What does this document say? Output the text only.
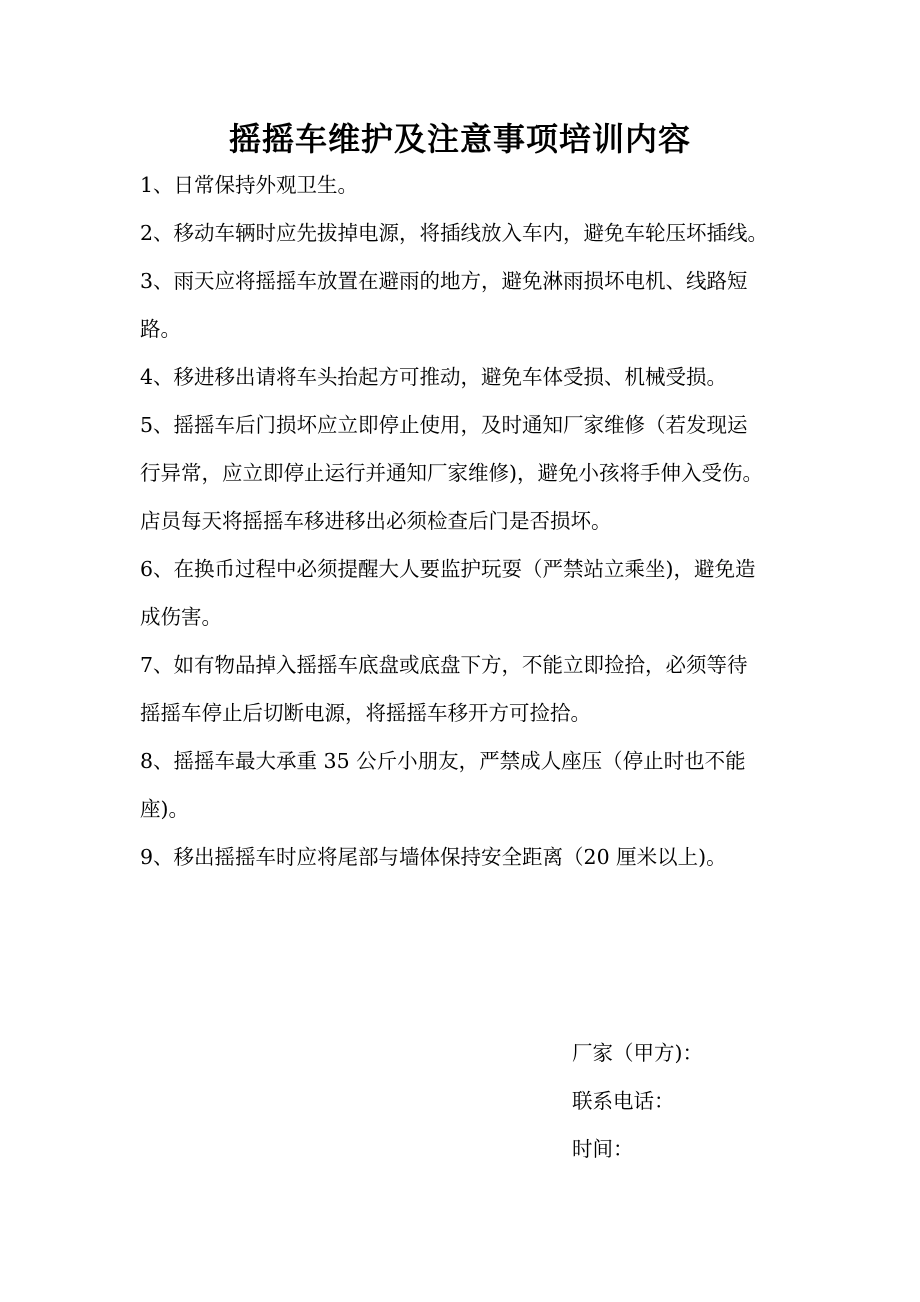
摇摇车维护及注意事项培训内容
1、日常保持外观卫生。
2、移动车辆时应先拔掉电源，将插线放入车内，避免车轮压坏插线。
3、雨天应将摇摇车放置在避雨的地方，避免淋雨损坏电机、线路短
路。
4、移进移出请将车头抬起方可推动，避免车体受损、机械受损。
5、摇摇车后门损坏应立即停止使用，及时通知厂家维修（若发现运
行异常，应立即停止运行并通知厂家维修)，避免小孩将手伸入受伤。
店员每天将摇摇车移进移出必须检查后门是否损坏。
6、在换币过程中必须提醒大人要监护玩耍（严禁站立乘坐)，避免造
成伤害。
7、如有物品掉入摇摇车底盘或底盘下方，不能立即捡拾，必须等待
摇摇车停止后切断电源，将摇摇车移开方可捡拾。
8、摇摇车最大承重 35 公斤小朋友，严禁成人座压（停止时也不能
座)。
9、移出摇摇车时应将尾部与墙体保持安全距离（20 厘米以上)。
厂家（甲方)：
联系电话：
时间：
